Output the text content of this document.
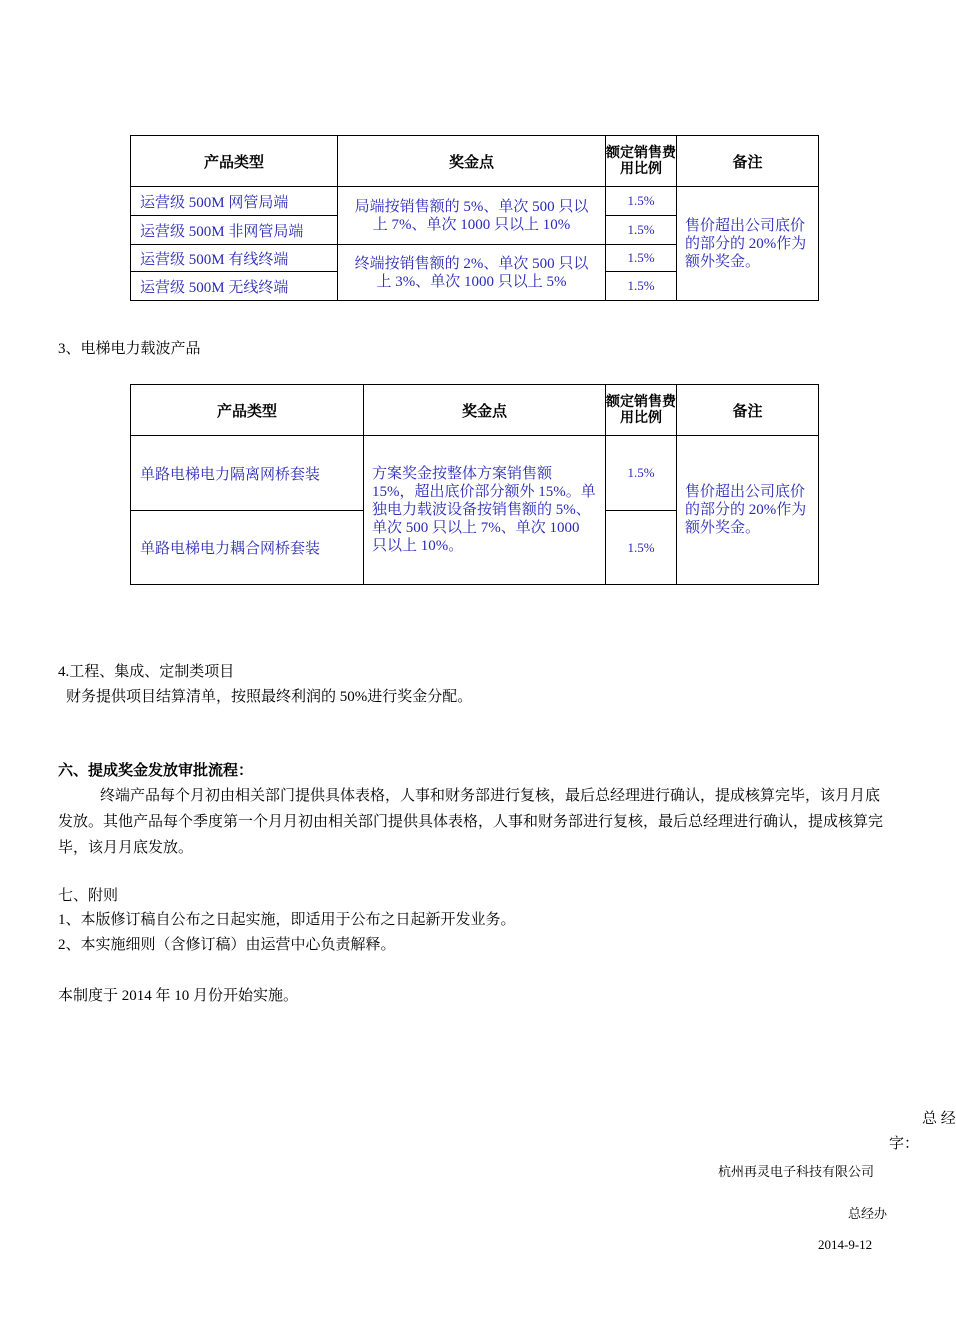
产品类型	奖金点	额定销售费用比例	备注
运营级 500M 网管局端	局端按销售额的 5%、单次 500 只以上 7%、单次 1000 只以上 10%	1.5%	售价超出公司底价的部分的 20%作为额外奖金。
运营级 500M 非网管局端		1.5%	
运营级 500M 有线终端	终端按销售额的 2%、单次 500 只以上 3%、单次 1000 只以上 5%	1.5%	
运营级 500M 无线终端		1.5%	
3、电梯电力载波产品
产品类型	奖金点	额定销售费用比例	备注
单路电梯电力隔离网桥套装	方案奖金按整体方案销售额 15%，超出底价部分额外 15%。单独电力载波设备按销售额的 5%、单次 500 只以上 7%、单次 1000 只以上 10%。	1.5%	售价超出公司底价的部分的 20%作为额外奖金。
单路电梯电力耦合网桥套装		1.5%	
4.工程、集成、定制类项目
财务提供项目结算清单，按照最终利润的 50%进行奖金分配。
六、提成奖金发放审批流程：
终端产品每个月初由相关部门提供具体表格，人事和财务部进行复核，最后总经理进行确认，提成核算完毕，该月月底发放。其他产品每个季度第一个月月初由相关部门提供具体表格，人事和财务部进行复核，最后总经理进行确认，提成核算完毕，该月月底发放。
七、附则
1、本版修订稿自公布之日起实施，即适用于公布之日起新开发业务。
2、本实施细则（含修订稿）由运营中心负责解释。
本制度于 2014 年 10 月份开始实施。
总 经
字：
杭州再灵电子科技有限公司
总经办
2014-9-12
